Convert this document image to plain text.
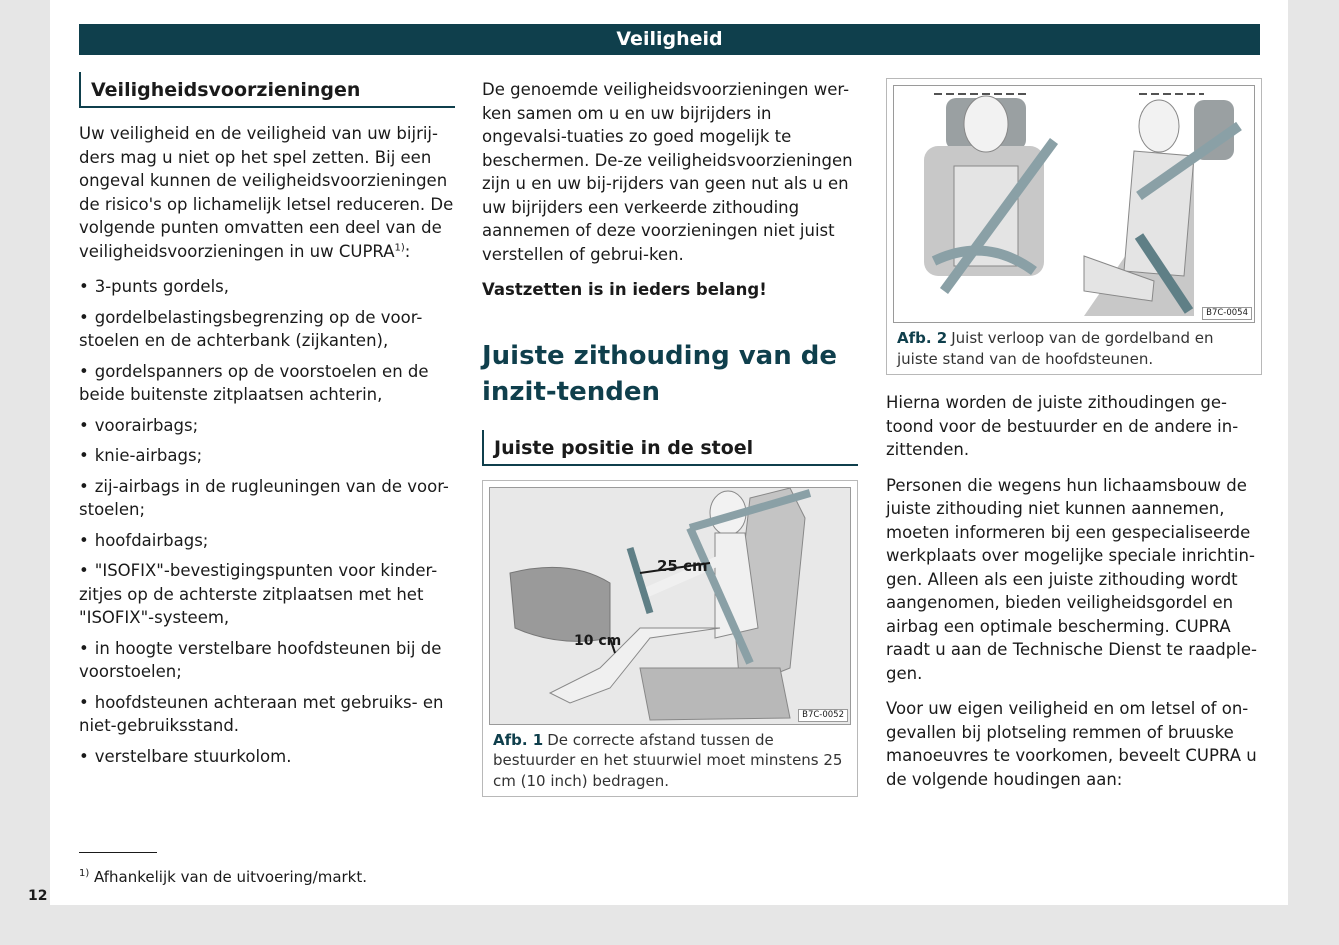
Veiligheid
Veiligheidsvoorzieningen

Uw veiligheid en de veiligheid van uw bijrij-ders mag u niet op het spel zetten. Bij een ongeval kunnen de veiligheidsvoorzieningen de risico's op lichamelijk letsel reduceren. De volgende punten omvatten een deel van de veiligheidsvoorzieningen in uw CUPRA$^{1)}$:

• 3-punts gordels,
• gordelbelastingsbegrenzing op de voor-stoelen en de achterbank (zijkanten),
• gordelspanners op de voorstoelen en de beide buitenste zitplaatsen achterin,
• voorairbags;
• knie-airbags;
• zij-airbags in de rugleuningen van de voor-stoelen;
• hoofdairbags;
• "ISOFIX"-bevestigingspunten voor kinder-zitjes op de achterste zitplaatsen met het "ISOFIX"-systeem,
• in hoogte verstelbare hoofdsteunen bij de voorstoelen;
• hoofdsteunen achteraan met gebruiks- en niet-gebruiksstand.
• verstelbare stuurkolom.

De genoemde veiligheidsvoorzieningen wer-ken samen om u en uw bijrijders in ongevalsi-tuaties zo goed mogelijk te beschermen. De-ze veiligheidsvoorzieningen zijn u en uw bij-rijders van geen nut als u en uw bijrijders een verkeerde zithouding aannemen of deze voorzieningen niet juist verstellen of gebrui-ken.

Vastzetten is in ieders belang!

Juiste zithouding van de inzit-tenden
Juiste positie in de stoel
25 cm
10 cm
B7C-0052
Afb. 1 De correcte afstand tussen de bestuurder en het stuurwiel moet minstens 25 cm (10 inch) bedragen.
B7C-0054
Afb. 2 Juist verloop van de gordelband en juiste stand van de hoofdsteunen.

Hierna worden de juiste zithoudingen ge-toond voor de bestuurder en de andere in-zittenden.

Personen die wegens hun lichaamsbouw de juiste zithouding niet kunnen aannemen, moeten informeren bij een gespecialiseerde werkplaats over mogelijke speciale inrichtin-gen. Alleen als een juiste zithouding wordt aangenomen, bieden veiligheidsgordel en airbag een optimale bescherming. CUPRA raadt u aan de Technische Dienst te raadple-gen.

Voor uw eigen veiligheid en om letsel of on-gevallen bij plotseling remmen of bruuske manoeuvres te voorkomen, beveelt CUPRA u de volgende houdingen aan:

$^{1)}$ Afhankelijk van de uitvoering/markt.
12
